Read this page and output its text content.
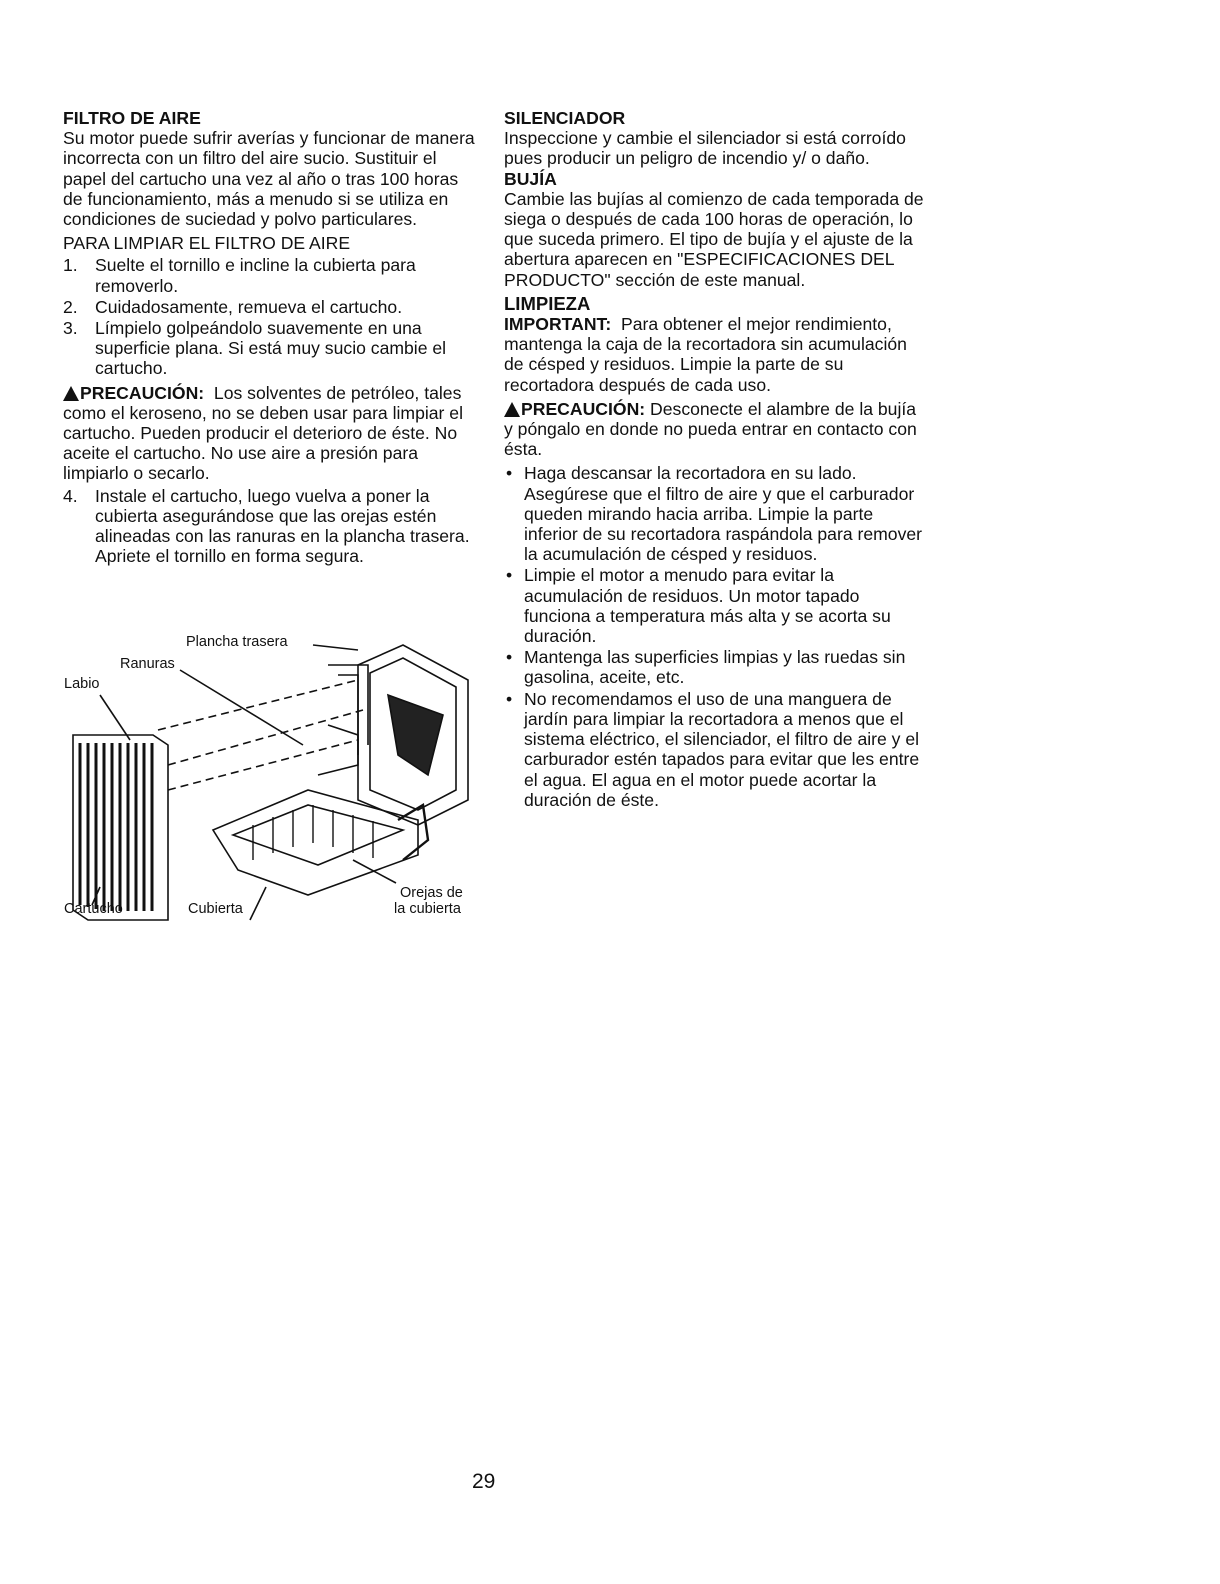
FILTRO DE AIRE

Su motor puede sufrir averías y funcionar de manera incorrecta con un filtro del aire sucio. Sustituir el papel del cartucho una vez al año o tras 100 horas de funcionamiento, más a menudo si se utiliza en condiciones de suciedad y polvo particulares.

PARA LIMPIAR EL FILTRO DE AIRE

1. Suelte el tornillo e incline la cubierta para removerlo.
2. Cuidadosamente, remueva el cartucho.
3. Límpielo golpeándolo suavemente en una superficie plana. Si está muy sucio cambie el cartucho.

PRECAUCIÓN: Los solventes de petróleo, tales como el keroseno, no se deben usar para limpiar el cartucho. Pueden producir el deterioro de éste. No aceite el cartucho. No use aire a presión para limpiarlo o secarlo.

4. Instale el cartucho, luego vuelva a poner la cubierta asegurándose que las orejas estén alineadas con las ranuras en la plancha trasera. Apriete el tornillo en forma segura.
Plancha trasera
Ranuras
Labio
Cartucho	Cubierta
Orejas de
la cubierta

SILENCIADOR

Inspeccione y cambie el silenciador si está corroído pues producir un peligro de incendio y/ o daño.

BUJÍA

Cambie las bujías al comienzo de cada temporada de siega o después de cada 100 horas de operación, lo que suceda primero. El tipo de bujía y el ajuste de la abertura aparecen en "ESPECIFICACIONES DEL PRODUCTO" sección de este manual.

LIMPIEZA

IMPORTANT: Para obtener el mejor rendimiento, mantenga la caja de la recortadora sin acumulación de césped y residuos. Limpie la parte de su recortadora después de cada uso.

PRECAUCIÓN: Desconecte el alambre de la bujía y póngalo en donde no pueda entrar en contacto con ésta.

• Haga descansar la recortadora en su lado. Asegúrese que el filtro de aire y que el carburador queden mirando hacia arriba. Limpie la parte inferior de su recortadora raspándola para remover la acumulación de césped y residuos.
• Limpie el motor a menudo para evitar la acumulación de residuos. Un motor tapado funciona a temperatura más alta y se acorta su duración.
• Mantenga las superficies limpias y las ruedas sin gasolina, aceite, etc.
• No recomendamos el uso de una manguera de jardín para limpiar la recortadora a menos que el sistema eléctrico, el silenciador, el filtro de aire y el carburador estén tapados para evitar que les entre el agua. El agua en el motor puede acortar la duración de éste.
29
